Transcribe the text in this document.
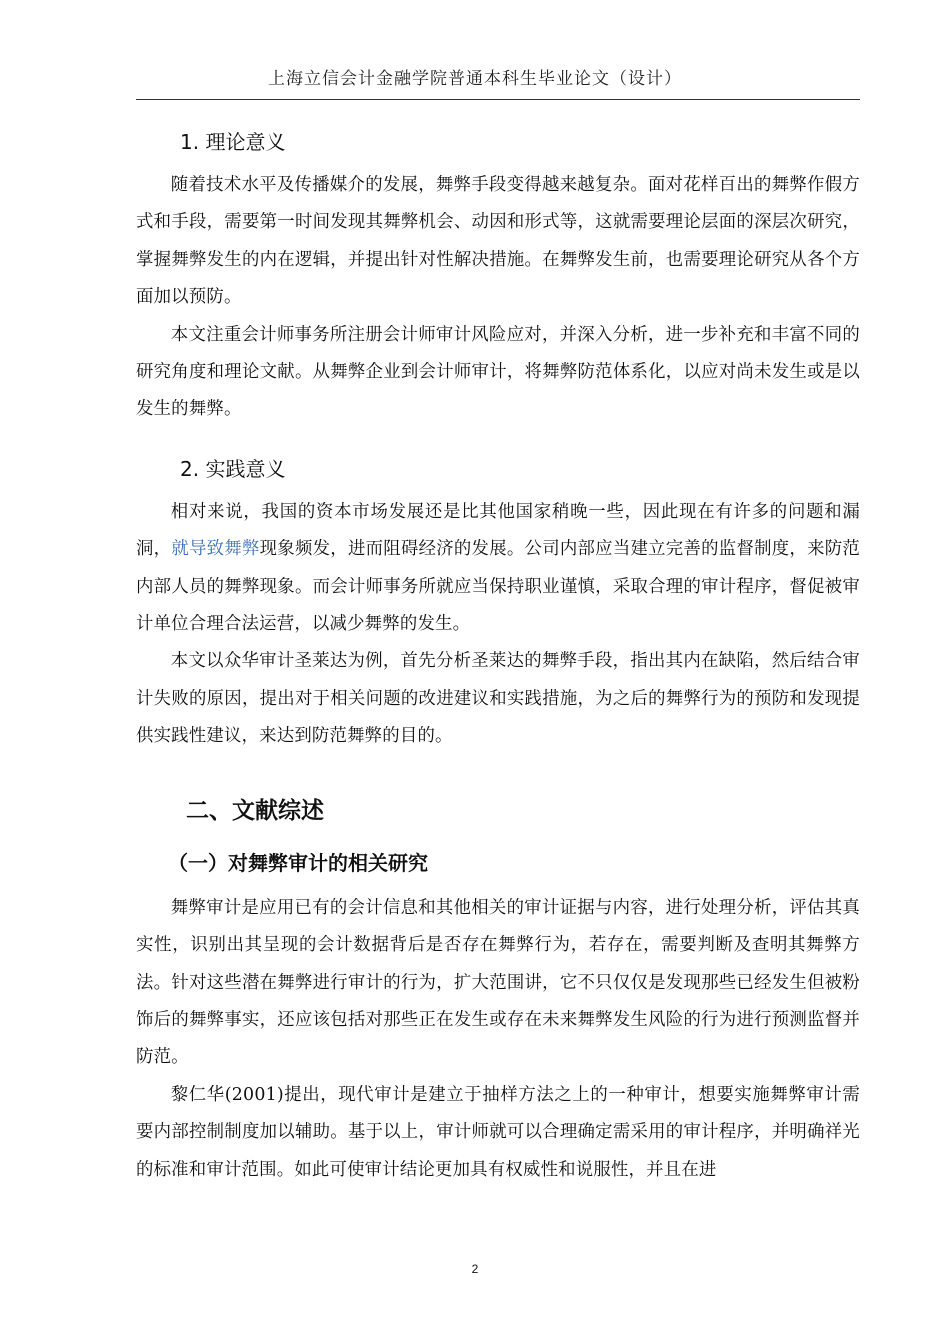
上海立信会计金融学院普通本科生毕业论文（设计）
1. 理论意义

随着技术水平及传播媒介的发展，舞弊手段变得越来越复杂。面对花样百出的舞弊作假方式和手段，需要第一时间发现其舞弊机会、动因和形式等，这就需要理论层面的深层次研究，掌握舞弊发生的内在逻辑，并提出针对性解决措施。在舞弊发生前，也需要理论研究从各个方面加以预防。

本文注重会计师事务所注册会计师审计风险应对，并深入分析，进一步补充和丰富不同的研究角度和理论文献。从舞弊企业到会计师审计，将舞弊防范体系化，以应对尚未发生或是以发生的舞弊。

2. 实践意义

相对来说，我国的资本市场发展还是比其他国家稍晚一些，因此现在有许多的问题和漏洞，就导致舞弊现象频发，进而阻碍经济的发展。公司内部应当建立完善的监督制度，来防范内部人员的舞弊现象。而会计师事务所就应当保持职业谨慎，采取合理的审计程序，督促被审计单位合理合法运营，以减少舞弊的发生。

本文以众华审计圣莱达为例，首先分析圣莱达的舞弊手段，指出其内在缺陷，然后结合审计失败的原因，提出对于相关问题的改进建议和实践措施，为之后的舞弊行为的预防和发现提供实践性建议，来达到防范舞弊的目的。

二、文献综述
（一）对舞弊审计的相关研究

舞弊审计是应用已有的会计信息和其他相关的审计证据与内容，进行处理分析，评估其真实性，识别出其呈现的会计数据背后是否存在舞弊行为，若存在，需要判断及查明其舞弊方法。针对这些潜在舞弊进行审计的行为，扩大范围讲，它不只仅仅是发现那些已经发生但被粉饰后的舞弊事实，还应该包括对那些正在发生或存在未来舞弊发生风险的行为进行预测监督并防范。

黎仁华(2001)提出，现代审计是建立于抽样方法之上的一种审计，想要实施舞弊审计需要内部控制制度加以辅助。基于以上，审计师就可以合理确定需采用的审计程序，并明确祥光的标准和审计范围。如此可使审计结论更加具有权威性和说服性，并且在进

2
